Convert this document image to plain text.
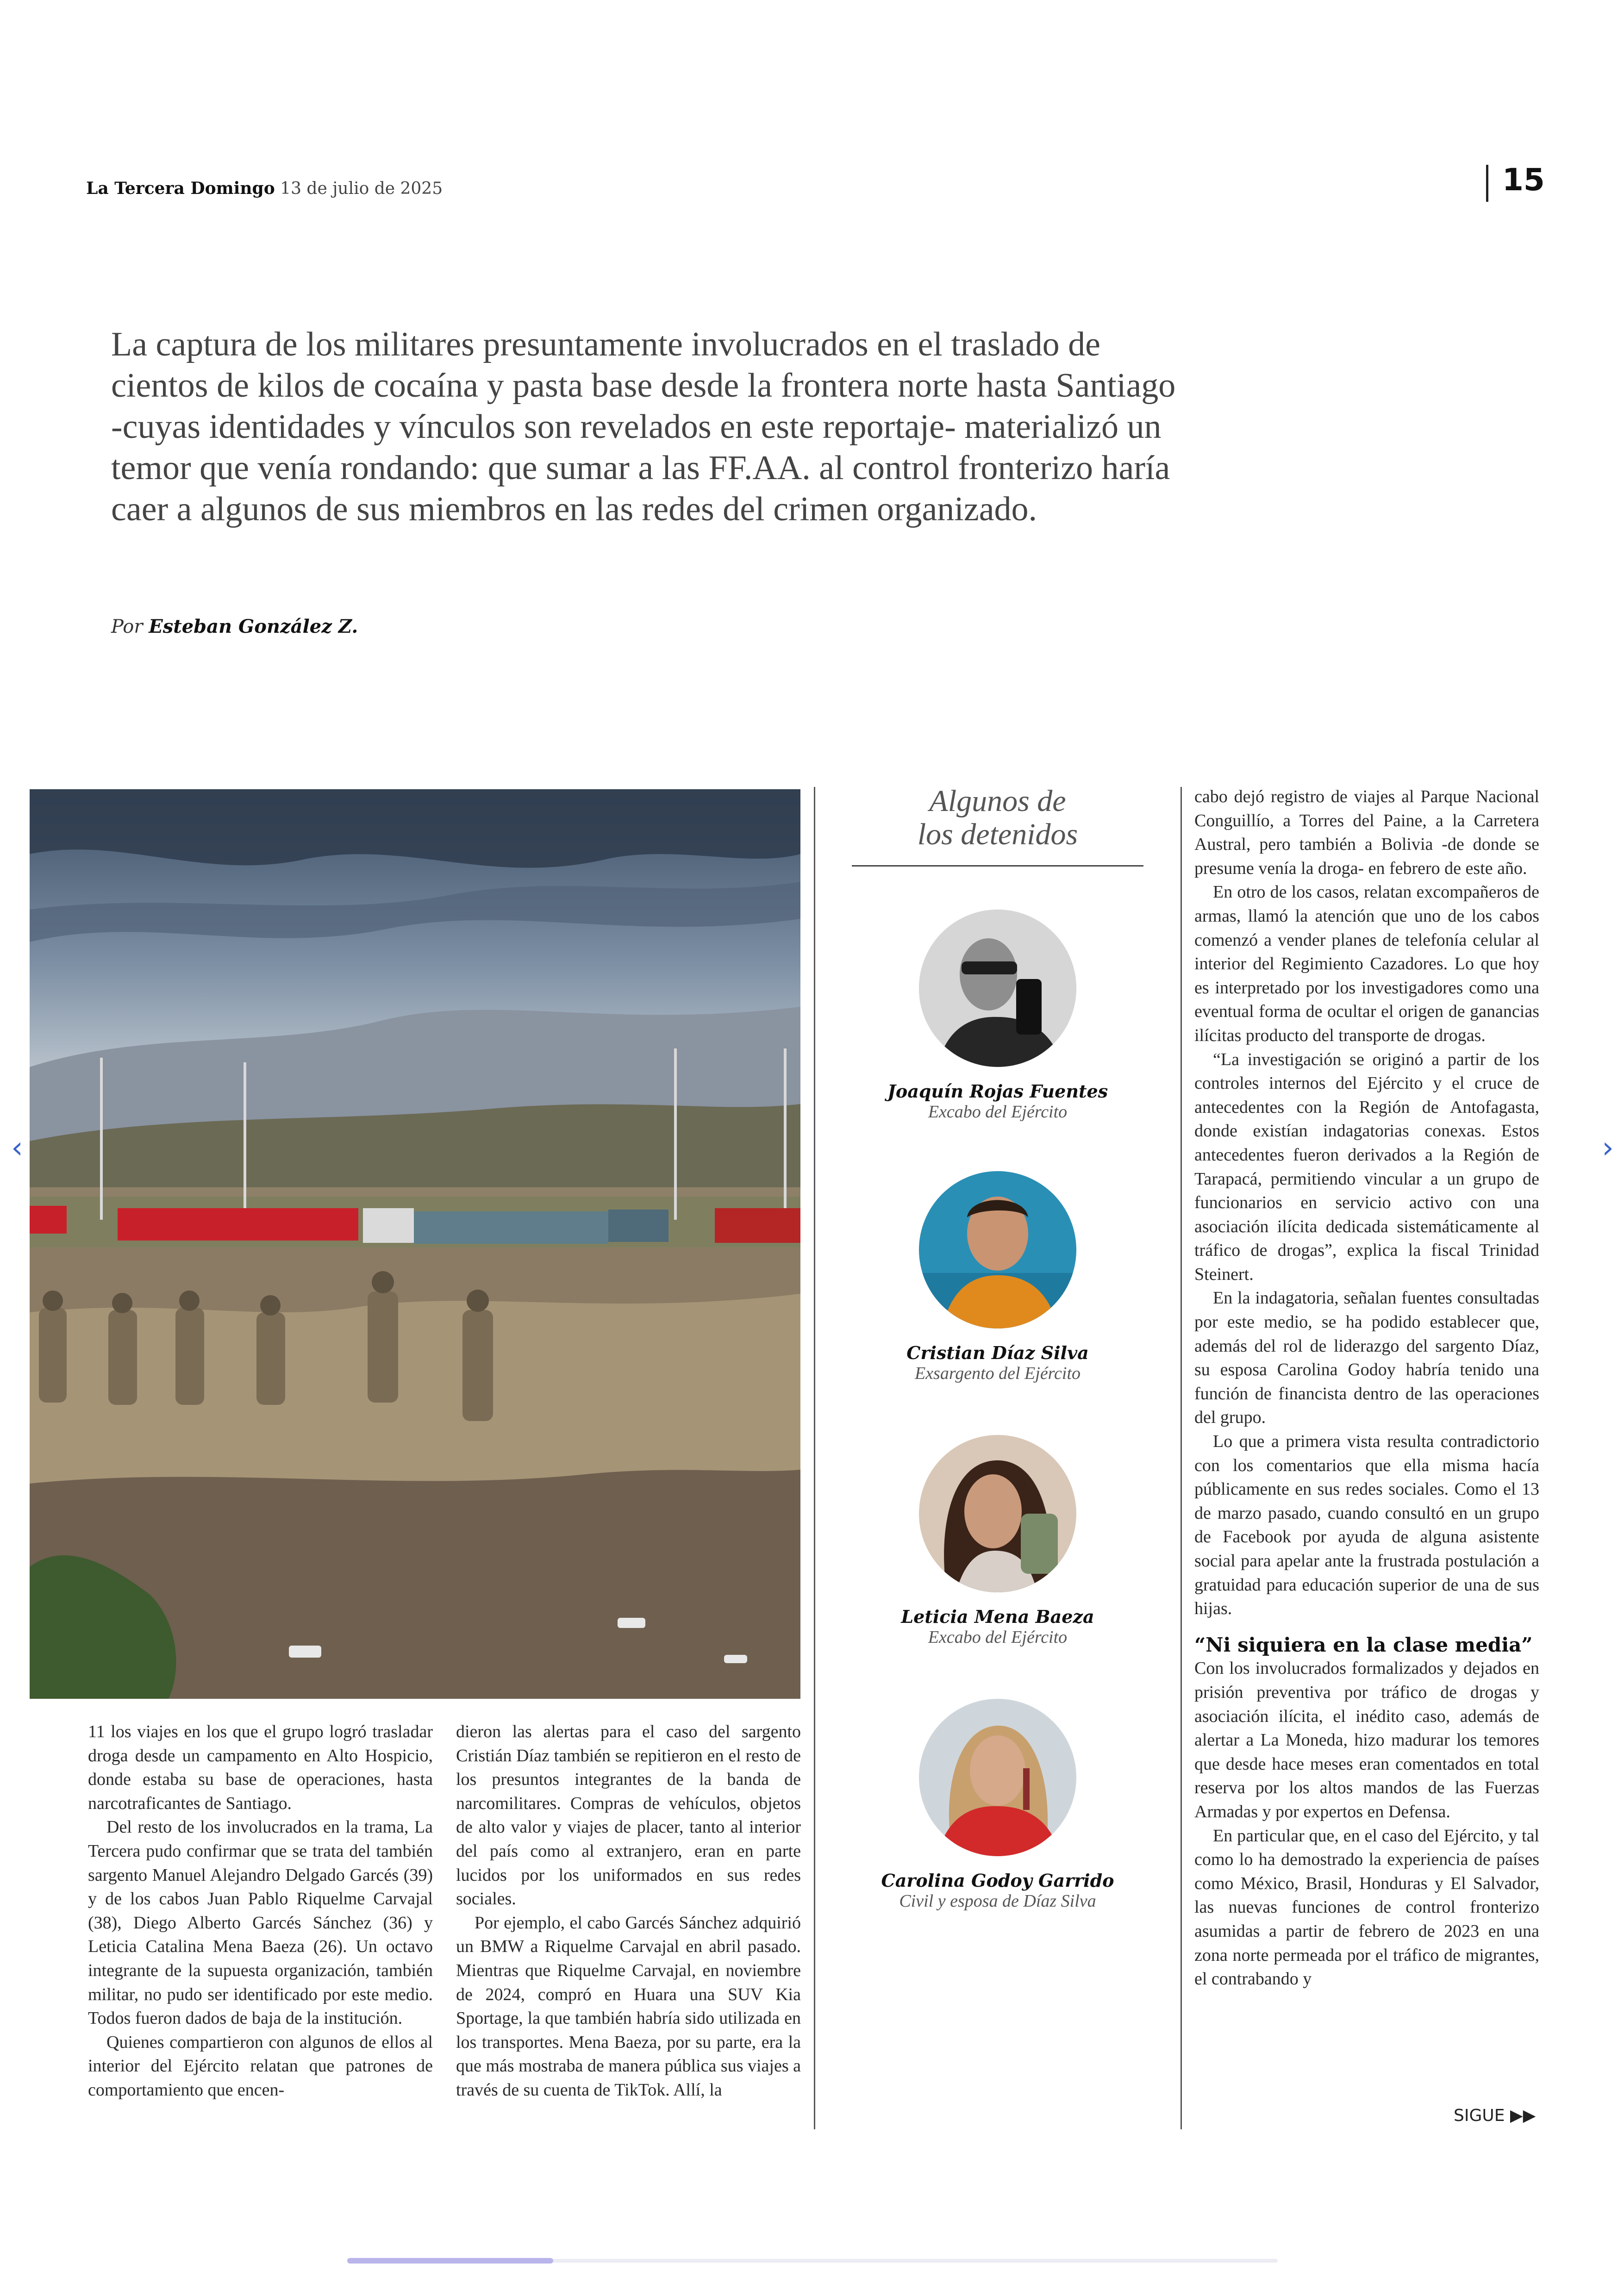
La Tercera Domingo 13 de julio de 2025	15
La captura de los militares presuntamente involucrados en el traslado de cientos de kilos de cocaína y pasta base desde la frontera norte hasta Santiago -cuyas identidades y vínculos son revelados en este reportaje- materializó un temor que venía rondando: que sumar a las FF.AA. al control fronterizo haría caer a algunos de sus miembros en las redes del crimen organizado.
Por Esteban González Z.
‹	›

11 los viajes en los que el grupo logró trasladar droga desde un campamento en Alto Hospicio, donde estaba su base de operaciones, hasta narcotraficantes de Santiago.

Del resto de los involucrados en la trama, La Tercera pudo confirmar que se trata del también sargento Manuel Alejandro Delgado Garcés (39) y de los cabos Juan Pablo Riquelme Carvajal (38), Diego Alberto Garcés Sánchez (36) y Leticia Catalina Mena Baeza (26). Un octavo integrante de la supuesta organización, también militar, no pudo ser identificado por este medio. Todos fueron dados de baja de la institución.

Quienes compartieron con algunos de ellos al interior del Ejército relatan que patrones de comportamiento que encen-

dieron las alertas para el caso del sargento Cristián Díaz también se repitieron en el resto de los presuntos integrantes de la banda de narcomilitares. Compras de vehículos, objetos de alto valor y viajes de placer, tanto al interior del país como al extranjero, eran en parte lucidos por los uniformados en sus redes sociales.

Por ejemplo, el cabo Garcés Sánchez adquirió un BMW a Riquelme Carvajal en abril pasado. Mientras que Riquelme Carvajal, en noviembre de 2024, compró en Huara una SUV Kia Sportage, la que también habría sido utilizada en los transportes. Mena Baeza, por su parte, era la que más mostraba de manera pública sus viajes a través de su cuenta de TikTok. Allí, la

Algunos de
los detenidos
Joaquín Rojas Fuentes
Excabo del Ejército
Cristian Díaz Silva
Exsargento del Ejército
Leticia Mena Baeza
Excabo del Ejército
Carolina Godoy Garrido
Civil y esposa de Díaz Silva

cabo dejó registro de viajes al Parque Nacional Conguillío, a Torres del Paine, a la Carretera Austral, pero también a Bolivia -de donde se presume venía la droga- en febrero de este año.

En otro de los casos, relatan excompañeros de armas, llamó la atención que uno de los cabos comenzó a vender planes de telefonía celular al interior del Regimiento Cazadores. Lo que hoy es interpretado por los investigadores como una eventual forma de ocultar el origen de ganancias ilícitas producto del transporte de drogas.

“La investigación se originó a partir de los controles internos del Ejército y el cruce de antecedentes con la Región de Antofagasta, donde existían indagatorias conexas. Estos antecedentes fueron derivados a la Región de Tarapacá, permitiendo vincular a un grupo de funcionarios en servicio activo con una asociación ilícita dedicada sistemáticamente al tráfico de drogas”, explica la fiscal Trinidad Steinert.

En la indagatoria, señalan fuentes consultadas por este medio, se ha podido establecer que, además del rol de liderazgo del sargento Díaz, su esposa Carolina Godoy habría tenido una función de financista dentro de las operaciones del grupo.

Lo que a primera vista resulta contradictorio con los comentarios que ella misma hacía públicamente en sus redes sociales. Como el 13 de marzo pasado, cuando consultó en un grupo de Facebook por ayuda de alguna asistente social para apelar ante la frustrada postulación a gratuidad para educación superior de una de sus hijas.

“Ni siquiera en la clase media”

Con los involucrados formalizados y dejados en prisión preventiva por tráfico de drogas y asociación ilícita, el inédito caso, además de alertar a La Moneda, hizo madurar los temores que desde hace meses eran comentados en total reserva por los altos mandos de las Fuerzas Armadas y por expertos en Defensa.

En particular que, en el caso del Ejército, y tal como lo ha demostrado la experiencia de países como México, Brasil, Honduras y El Salvador, las nuevas funciones de control fronterizo asumidas a partir de febrero de 2023 en una zona norte permeada por el tráfico de migrantes, el contrabando y

SIGUE ▶▶
